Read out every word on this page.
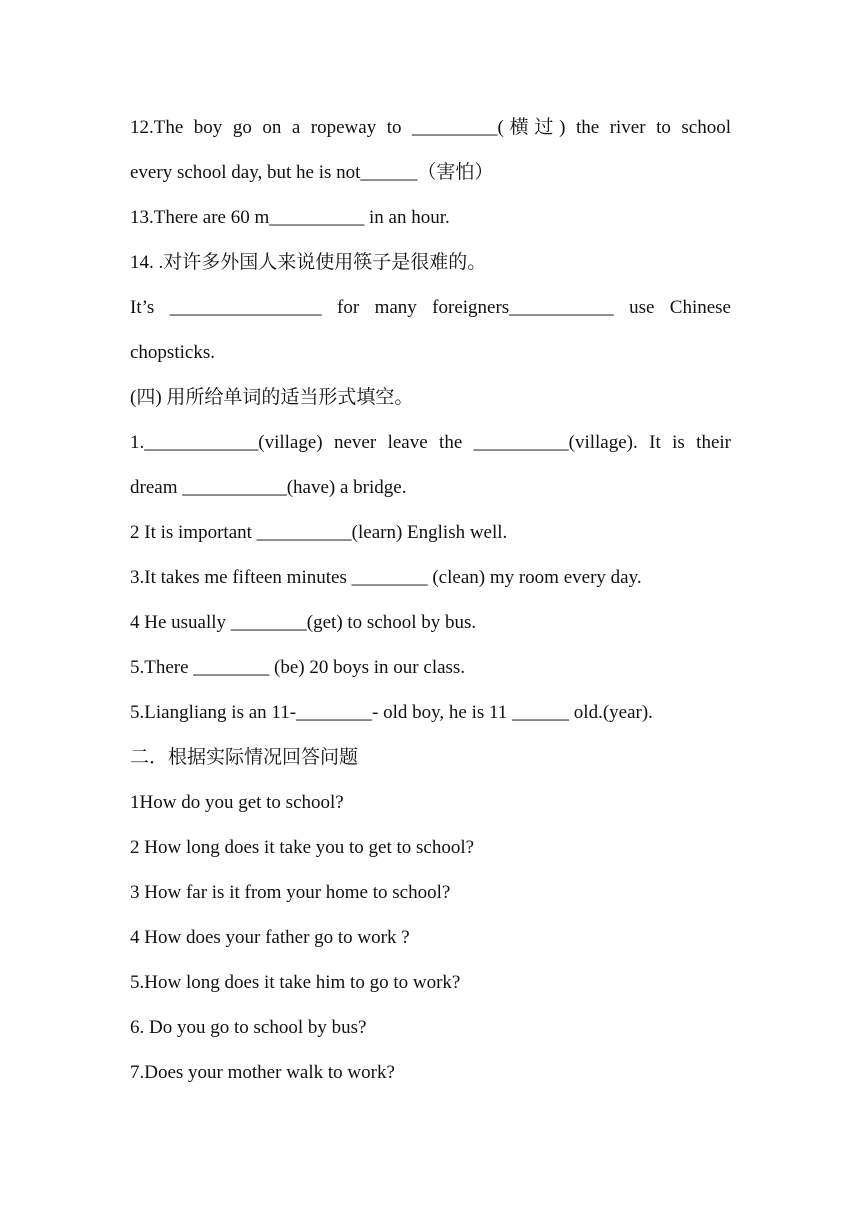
12.The boy go on a ropeway to _________(横过) the river to school
every school day, but he is not______（害怕）
13.There are 60 m__________ in an hour.
14. .对许多外国人来说使用筷子是很难的。
It’s ________________ for many foreigners___________ use Chinese
chopsticks.
(四) 用所给单词的适当形式填空。
1.____________(village) never leave the __________(village). It is their
dream ___________(have) a bridge.
2 It is important __________(learn) English well.
3.It takes me fifteen minutes ________ (clean) my room every day.
4 He usually ________(get) to school by bus.
5.There ________ (be) 20 boys in our class.
5.Liangliang is an 11-________- old boy, he is 11 ______ old.(year).
二．根据实际情况回答问题
1How do you get to school?
2 How long does it take you to get to school?
3 How far is it from your home to school?
4 How does your father go to work ?
5.How long does it take him to go to work?
6. Do you go to school by bus?
7.Does your mother walk to work?
